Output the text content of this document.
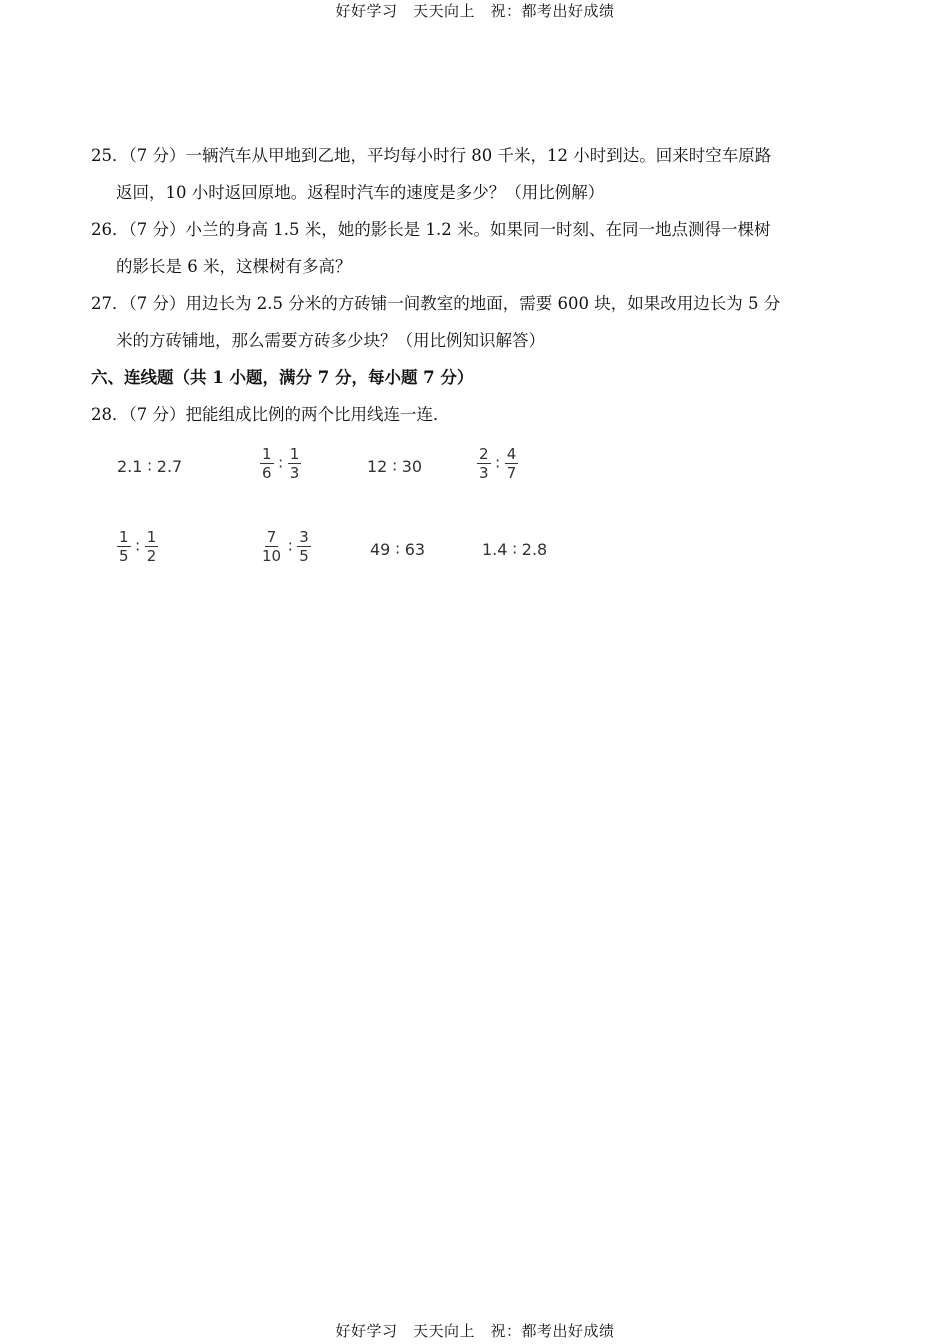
好好学习　天天向上　祝：都考出好成绩

25．（7 分）一辆汽车从甲地到乙地，平均每小时行 80 千米，12 小时到达。回来时空车原路
返回，10 小时返回原地。返程时汽车的速度是多少？（用比例解）

26．（7 分）小兰的身高 1.5 米，她的影长是 1.2 米。如果同一时刻、在同一地点测得一棵树
的影长是 6 米，这棵树有多高？

27．（7 分）用边长为 2.5 分米的方砖铺一间教室的地面，需要 600 块，如果改用边长为 5 分
米的方砖铺地，那么需要方砖多少块？（用比例知识解答）

六、连线题（共 1 小题，满分 7 分，每小题 7 分）

28．（7 分）把能组成比例的两个比用线连一连．

2.1 ∶ 2.7	$\frac{1}{6}$ ∶ $\frac{1}{3}$	12 ∶ 30	$\frac{2}{3}$ ∶ $\frac{4}{7}$
$\frac{1}{5}$ ∶ $\frac{1}{2}$	$\frac{7}{10}$ ∶ $\frac{3}{5}$	49 ∶ 63	1.4 ∶ 2.8
好好学习　天天向上　祝：都考出好成绩
